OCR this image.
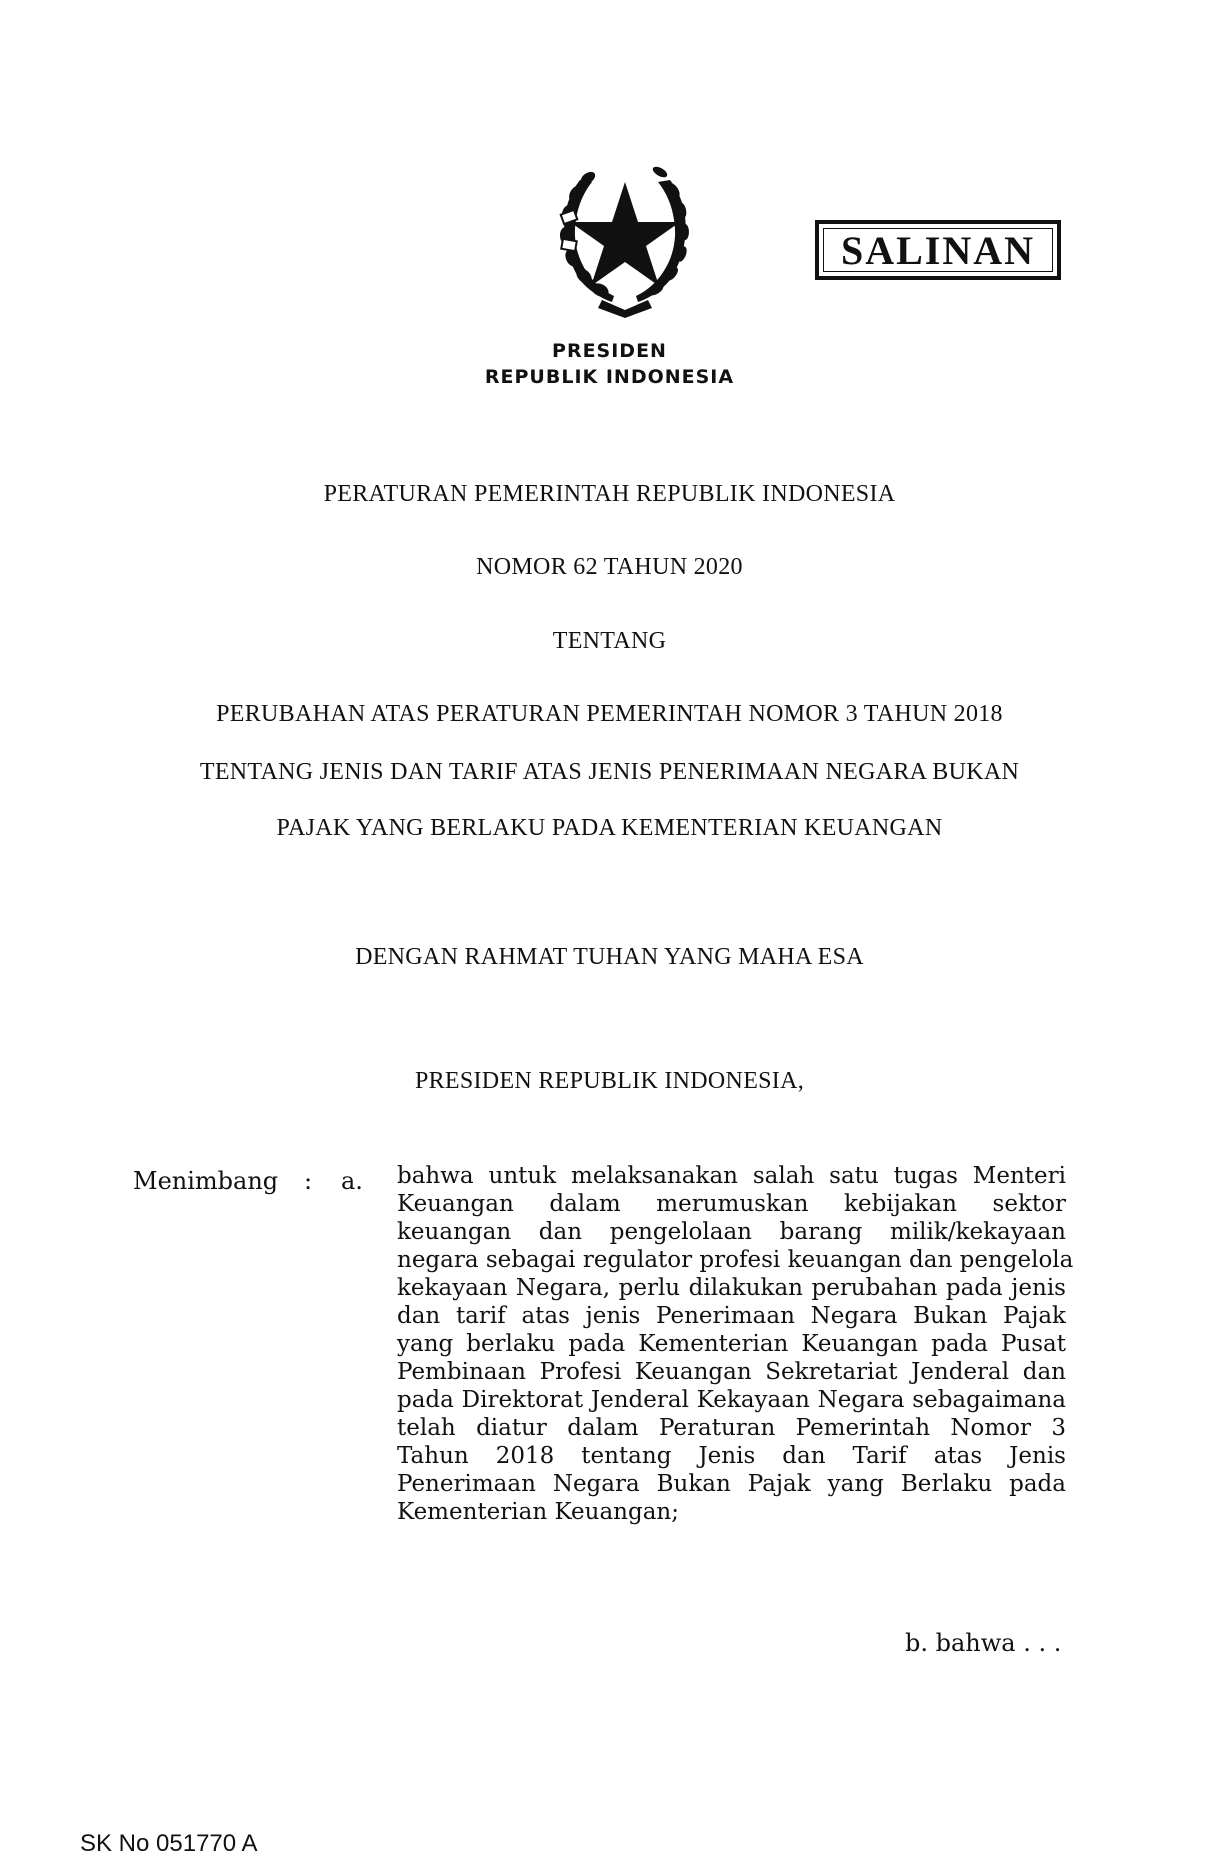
SALINAN
PRESIDEN
REPUBLIK INDONESIA
PERATURAN PEMERINTAH REPUBLIK INDONESIA
NOMOR 62 TAHUN 2020
TENTANG
PERUBAHAN ATAS PERATURAN PEMERINTAH NOMOR 3 TAHUN 2018
TENTANG JENIS DAN TARIF ATAS JENIS PENERIMAAN NEGARA BUKAN
PAJAK YANG BERLAKU PADA KEMENTERIAN KEUANGAN
DENGAN RAHMAT TUHAN YANG MAHA ESA
PRESIDEN REPUBLIK INDONESIA,
Menimbang : a. bahwa untuk melaksanakan salah satu tugas Menteri
Keuangan dalam merumuskan kebijakan sektor
keuangan dan pengelolaan barang milik/kekayaan
negara sebagai regulator profesi keuangan dan pengelola
kekayaan Negara, perlu dilakukan perubahan pada jenis
dan tarif atas jenis Penerimaan Negara Bukan Pajak
yang berlaku pada Kementerian Keuangan pada Pusat
Pembinaan Profesi Keuangan Sekretariat Jenderal dan
pada Direktorat Jenderal Kekayaan Negara sebagaimana
telah diatur dalam Peraturan Pemerintah Nomor 3
Tahun 2018 tentang Jenis dan Tarif atas Jenis
Penerimaan Negara Bukan Pajak yang Berlaku pada
Kementerian Keuangan;
b. bahwa . . .
SK No 051770 A
